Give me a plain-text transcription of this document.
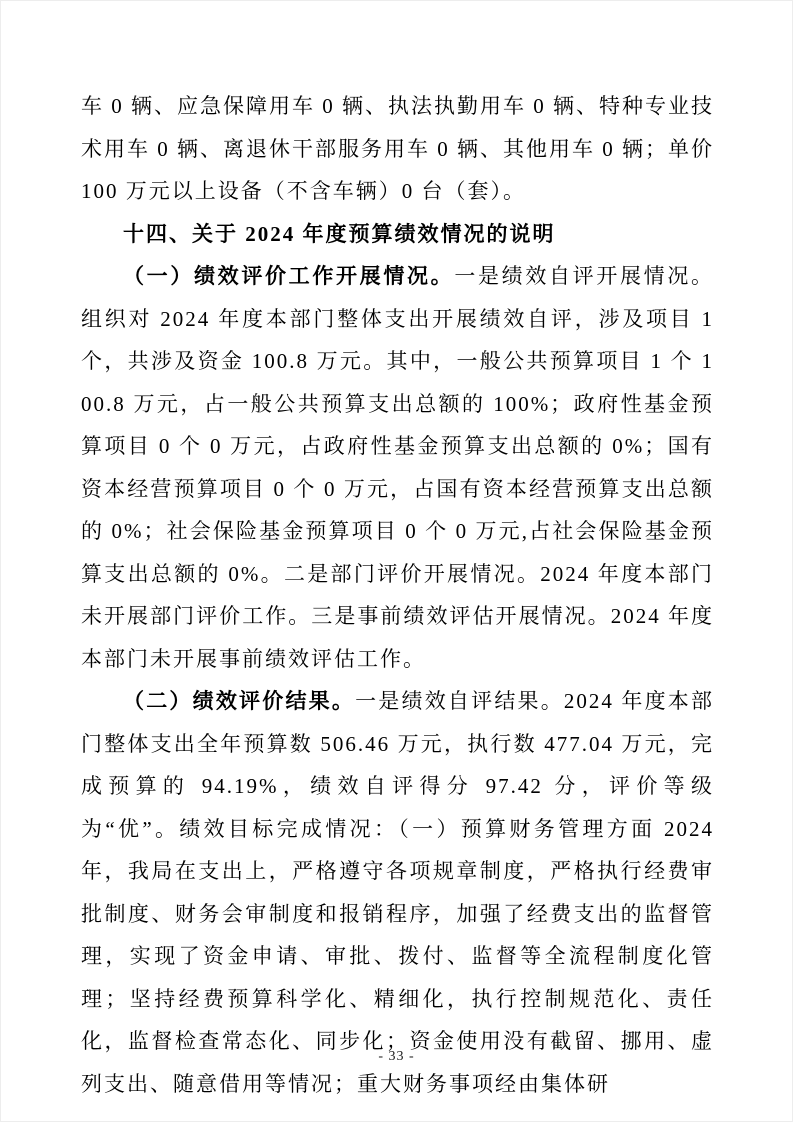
车 0 辆、应急保障用车 0 辆、执法执勤用车 0 辆、特种专业技术用车 0 辆、离退休干部服务用车 0 辆、其他用车 0 辆；单价 100 万元以上设备（不含车辆）0 台（套）。

十四、关于 2024 年度预算绩效情况的说明

（一）绩效评价工作开展情况。一是绩效自评开展情况。组织对 2024 年度本部门整体支出开展绩效自评，涉及项目 1 个，共涉及资金 100.8 万元。其中，一般公共预算项目 1 个 100.8 万元，占一般公共预算支出总额的 100%；政府性基金预算项目 0 个 0 万元，占政府性基金预算支出总额的 0%；国有资本经营预算项目 0 个 0 万元，占国有资本经营预算支出总额的 0%；社会保险基金预算项目 0 个 0 万元,占社会保险基金预算支出总额的 0%。二是部门评价开展情况。2024 年度本部门未开展部门评价工作。三是事前绩效评估开展情况。2024 年度本部门未开展事前绩效评估工作。

（二）绩效评价结果。一是绩效自评结果。2024 年度本部门整体支出全年预算数 506.46 万元，执行数 477.04 万元，完成预算的 94.19%，绩效自评得分 97.42 分，评价等级为“优”。绩效目标完成情况：（一）预算财务管理方面 2024 年，我局在支出上，严格遵守各项规章制度，严格执行经费审批制度、财务会审制度和报销程序，加强了经费支出的监督管理，实现了资金申请、审批、拨付、监督等全流程制度化管理；坚持经费预算科学化、精细化，执行控制规范化、责任化，监督检查常态化、同步化；资金使用没有截留、挪用、虚列支出、随意借用等情况；重大财务事项经由集体研

- 33 -
